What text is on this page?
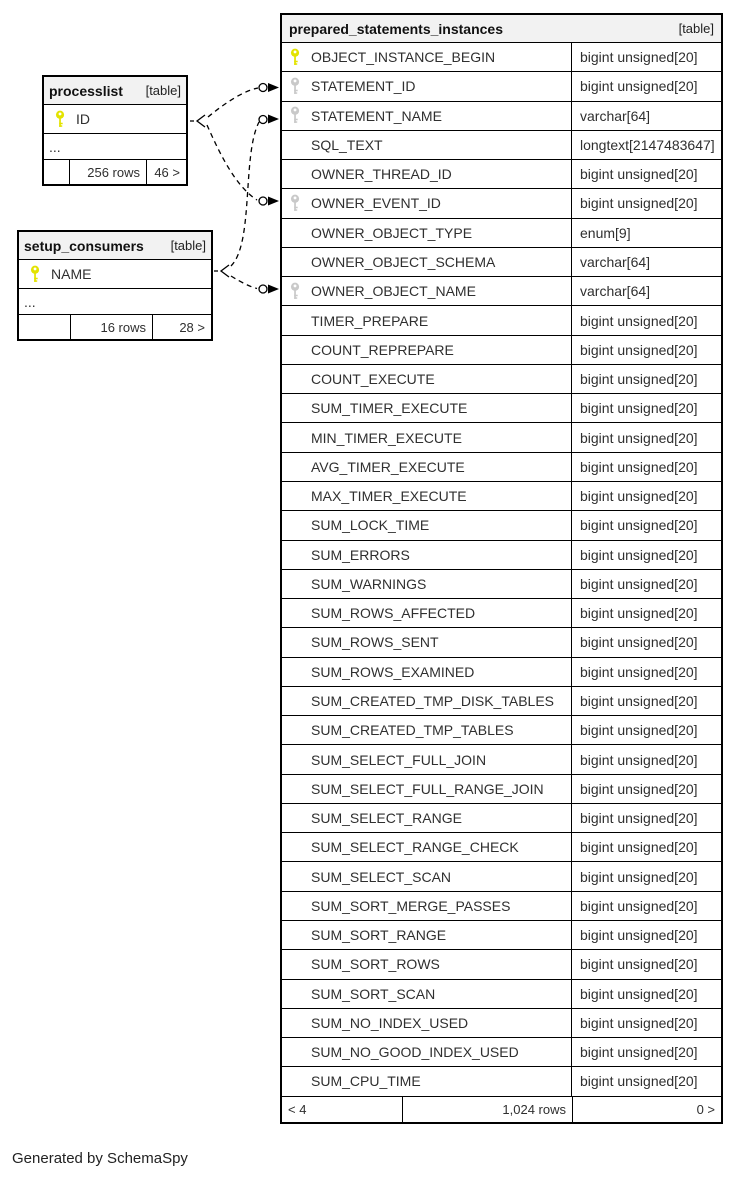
processlist [table]
ID
...
256 rows	46 >
setup_consumers [table]
NAME
...
16 rows	28 >
prepared_statements_instances	[table]
OBJECT_INSTANCE_BEGIN	bigint unsigned[20]
STATEMENT_ID	bigint unsigned[20]
STATEMENT_NAME	varchar[64]
SQL_TEXT	longtext[2147483647]
OWNER_THREAD_ID	bigint unsigned[20]
OWNER_EVENT_ID	bigint unsigned[20]
OWNER_OBJECT_TYPE	enum[9]
OWNER_OBJECT_SCHEMA	varchar[64]
OWNER_OBJECT_NAME	varchar[64]
TIMER_PREPARE	bigint unsigned[20]
COUNT_REPREPARE	bigint unsigned[20]
COUNT_EXECUTE	bigint unsigned[20]
SUM_TIMER_EXECUTE	bigint unsigned[20]
MIN_TIMER_EXECUTE	bigint unsigned[20]
AVG_TIMER_EXECUTE	bigint unsigned[20]
MAX_TIMER_EXECUTE	bigint unsigned[20]
SUM_LOCK_TIME	bigint unsigned[20]
SUM_ERRORS	bigint unsigned[20]
SUM_WARNINGS	bigint unsigned[20]
SUM_ROWS_AFFECTED	bigint unsigned[20]
SUM_ROWS_SENT	bigint unsigned[20]
SUM_ROWS_EXAMINED	bigint unsigned[20]
SUM_CREATED_TMP_DISK_TABLES	bigint unsigned[20]
SUM_CREATED_TMP_TABLES	bigint unsigned[20]
SUM_SELECT_FULL_JOIN	bigint unsigned[20]
SUM_SELECT_FULL_RANGE_JOIN	bigint unsigned[20]
SUM_SELECT_RANGE	bigint unsigned[20]
SUM_SELECT_RANGE_CHECK	bigint unsigned[20]
SUM_SELECT_SCAN	bigint unsigned[20]
SUM_SORT_MERGE_PASSES	bigint unsigned[20]
SUM_SORT_RANGE	bigint unsigned[20]
SUM_SORT_ROWS	bigint unsigned[20]
SUM_SORT_SCAN	bigint unsigned[20]
SUM_NO_INDEX_USED	bigint unsigned[20]
SUM_NO_GOOD_INDEX_USED	bigint unsigned[20]
SUM_CPU_TIME	bigint unsigned[20]
< 4	1,024 rows	0 >
Generated by SchemaSpy
